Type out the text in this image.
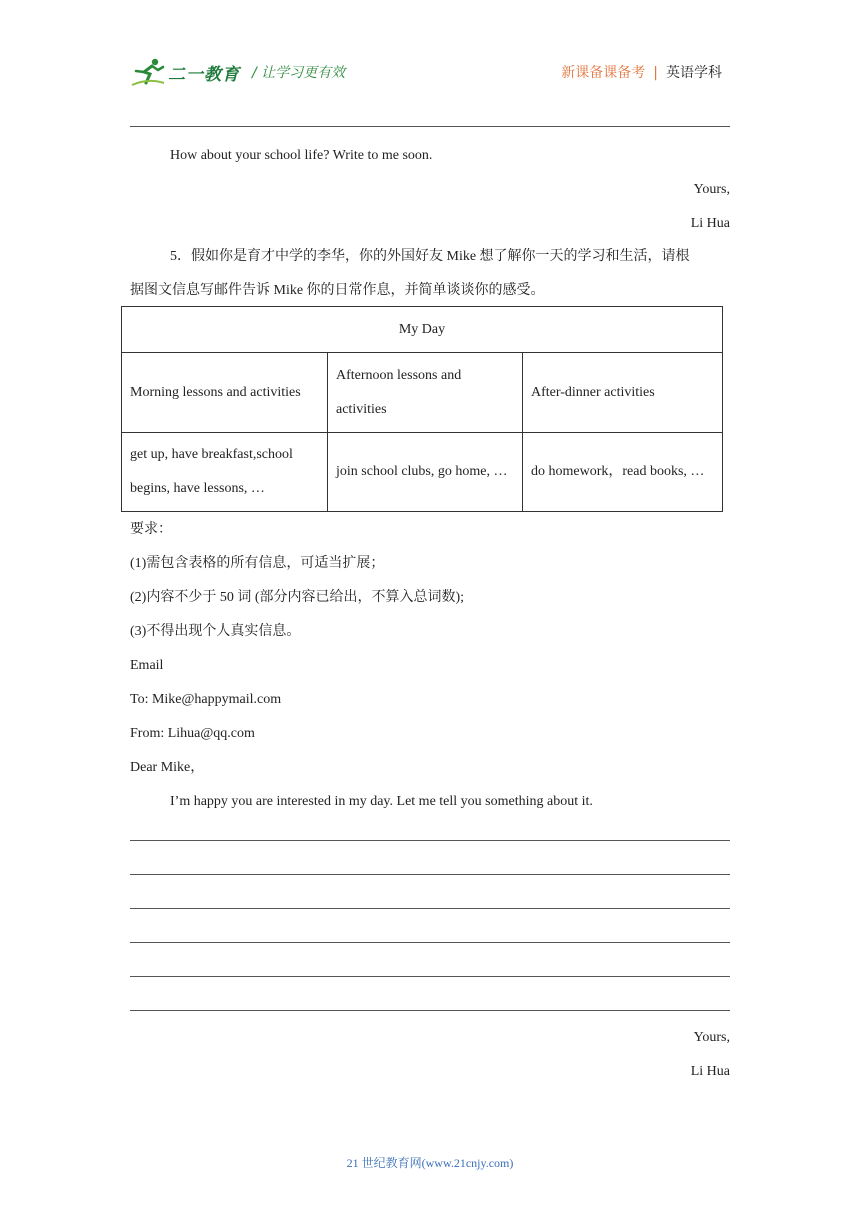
二一教育 / 让学习更有效	新课备课备考 | 英语学科
How about your school life? Write to me soon.
Yours,
Li Hua
5．假如你是育才中学的李华，你的外国好友 Mike 想了解你一天的学习和生活，请根
据图文信息写邮件告诉 Mike 你的日常作息，并简单谈谈你的感受。
My Day		
Morning lessons and activities	Afternoon lessons and activities	After-dinner activities
get up, have breakfast,school begins, have lessons, …	join school clubs, go home, …	do homework，read books, …
要求：
(1)需包含表格的所有信息，可适当扩展；
(2)内容不少于 50 词 (部分内容已给出，不算入总词数);
(3)不得出现个人真实信息。
Email
To: Mike@happymail.com
From: Lihua@qq.com
Dear Mike，
I’m happy you are interested in my day. Let me tell you something about it.
Yours,
Li Hua
21 世纪教育网(www.21cnjy.com)
